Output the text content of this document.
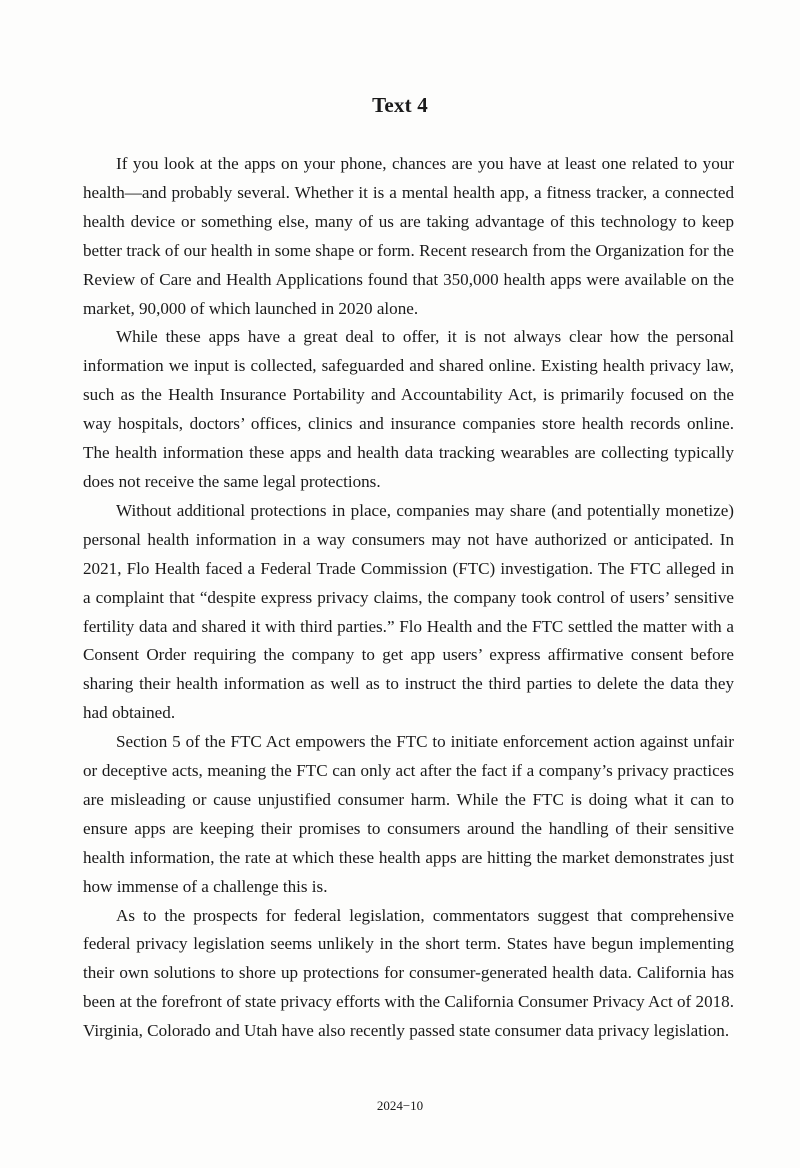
Text 4

If you look at the apps on your phone, chances are you have at least one related to your health—and probably several. Whether it is a mental health app, a fitness tracker, a connected health device or something else, many of us are taking advantage of this technology to keep better track of our health in some shape or form. Recent research from the Organization for the Review of Care and Health Applications found that 350,000 health apps were available on the market, 90,000 of which launched in 2020 alone.

While these apps have a great deal to offer, it is not always clear how the personal information we input is collected, safeguarded and shared online. Existing health privacy law, such as the Health Insurance Portability and Accountability Act, is primarily focused on the way hospitals, doctors’ offices, clinics and insurance companies store health records online. The health information these apps and health data tracking wearables are collecting typically does not receive the same legal protections.

Without additional protections in place, companies may share (and potentially monetize) personal health information in a way consumers may not have authorized or anticipated. In 2021, Flo Health faced a Federal Trade Commission (FTC) investigation. The FTC alleged in a complaint that “despite express privacy claims, the company took control of users’ sensitive fertility data and shared it with third parties.” Flo Health and the FTC settled the matter with a Consent Order requiring the company to get app users’ express affirmative consent before sharing their health information as well as to instruct the third parties to delete the data they had obtained.

Section 5 of the FTC Act empowers the FTC to initiate enforcement action against unfair or deceptive acts, meaning the FTC can only act after the fact if a company’s privacy practices are misleading or cause unjustified consumer harm. While the FTC is doing what it can to ensure apps are keeping their promises to consumers around the handling of their sensitive health information, the rate at which these health apps are hitting the market demonstrates just how immense of a challenge this is.

As to the prospects for federal legislation, commentators suggest that comprehensive federal privacy legislation seems unlikely in the short term. States have begun implementing their own solutions to shore up protections for consumer-generated health data. California has been at the forefront of state privacy efforts with the California Consumer Privacy Act of 2018. Virginia, Colorado and Utah have also recently passed state consumer data privacy legislation.

2024−10
